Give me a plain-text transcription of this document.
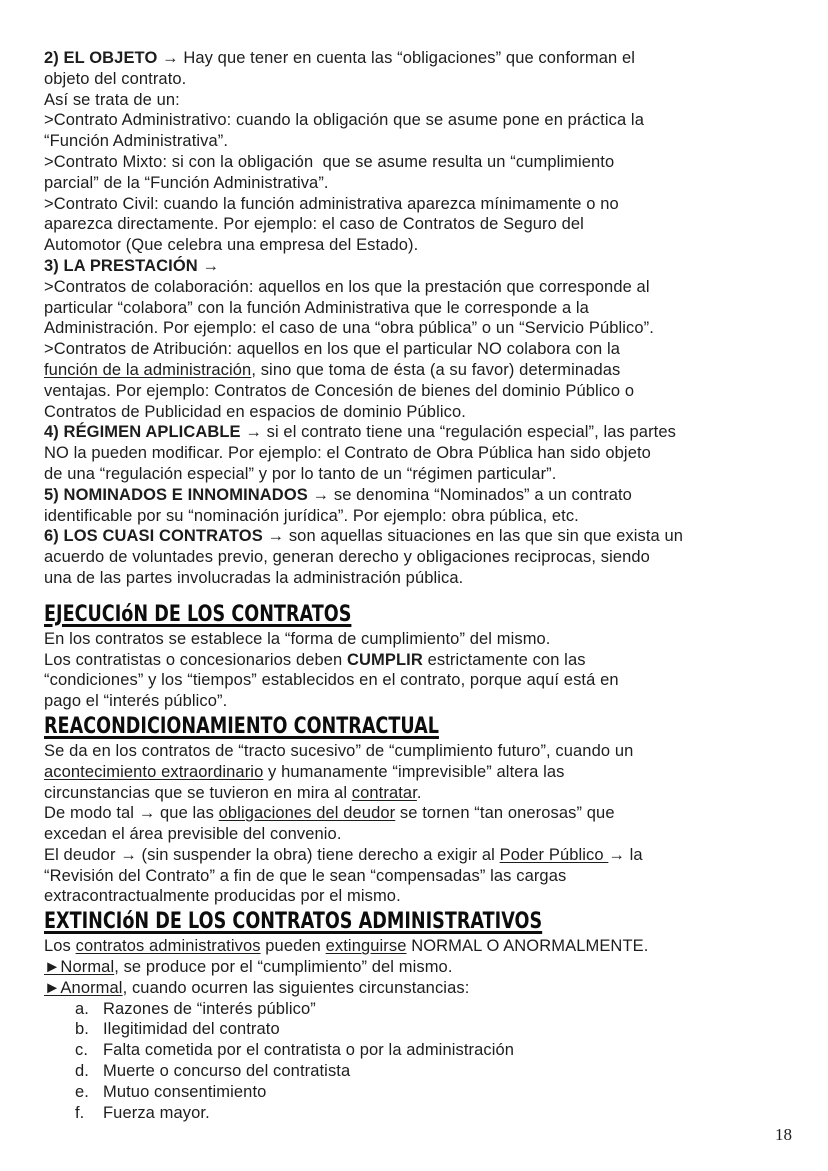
2) EL OBJETO → Hay que tener en cuenta las “obligaciones” que conforman el
objeto del contrato.
Así se trata de un:
>Contrato Administrativo: cuando la obligación que se asume pone en práctica la
“Función Administrativa”.
>Contrato Mixto: si con la obligación  que se asume resulta un “cumplimiento
parcial” de la “Función Administrativa”.
>Contrato Civil: cuando la función administrativa aparezca mínimamente o no
aparezca directamente. Por ejemplo: el caso de Contratos de Seguro del
Automotor (Que celebra una empresa del Estado).
3) LA PRESTACIÓN →
>Contratos de colaboración: aquellos en los que la prestación que corresponde al
particular “colabora” con la función Administrativa que le corresponde a la
Administración. Por ejemplo: el caso de una “obra pública” o un “Servicio Público”.
>Contratos de Atribución: aquellos en los que el particular NO colabora con la
función de la administración, sino que toma de ésta (a su favor) determinadas
ventajas. Por ejemplo: Contratos de Concesión de bienes del dominio Público o
Contratos de Publicidad en espacios de dominio Público.
4) RÉGIMEN APLICABLE → si el contrato tiene una “regulación especial”, las partes
NO la pueden modificar. Por ejemplo: el Contrato de Obra Pública han sido objeto
de una “regulación especial” y por lo tanto de un “régimen particular”.
5) NOMINADOS E INNOMINADOS → se denomina “Nominados” a un contrato
identificable por su “nominación jurídica”. Por ejemplo: obra pública, etc.
6) LOS CUASI CONTRATOS → son aquellas situaciones en las que sin que exista un
acuerdo de voluntades previo, generan derecho y obligaciones reciprocas, siendo
una de las partes involucradas la administración pública.
EJECUCIóN DE LOS CONTRATOS
En los contratos se establece la “forma de cumplimiento” del mismo.
Los contratistas o concesionarios deben CUMPLIR estrictamente con las
“condiciones” y los “tiempos” establecidos en el contrato, porque aquí está en
pago el “interés público”.
REACONDICIONAMIENTO CONTRACTUAL
Se da en los contratos de “tracto sucesivo” de “cumplimiento futuro”, cuando un
acontecimiento extraordinario y humanamente “imprevisible” altera las
circunstancias que se tuvieron en mira al contratar.
De modo tal → que las obligaciones del deudor se tornen “tan onerosas” que
excedan el área previsible del convenio.
El deudor → (sin suspender la obra) tiene derecho a exigir al Poder Público → la
“Revisión del Contrato” a fin de que le sean “compensadas” las cargas
extracontractualmente producidas por el mismo.
EXTINCIóN DE LOS CONTRATOS ADMINISTRATIVOS
Los contratos administrativos pueden extinguirse NORMAL O ANORMALMENTE.
►Normal, se produce por el “cumplimiento” del mismo.
►Anormal, cuando ocurren las siguientes circunstancias:
a. Razones de “interés público”
b. Ilegitimidad del contrato
c. Falta cometida por el contratista o por la administración
d. Muerte o concurso del contratista
e. Mutuo consentimiento
f. Fuerza mayor.
18
